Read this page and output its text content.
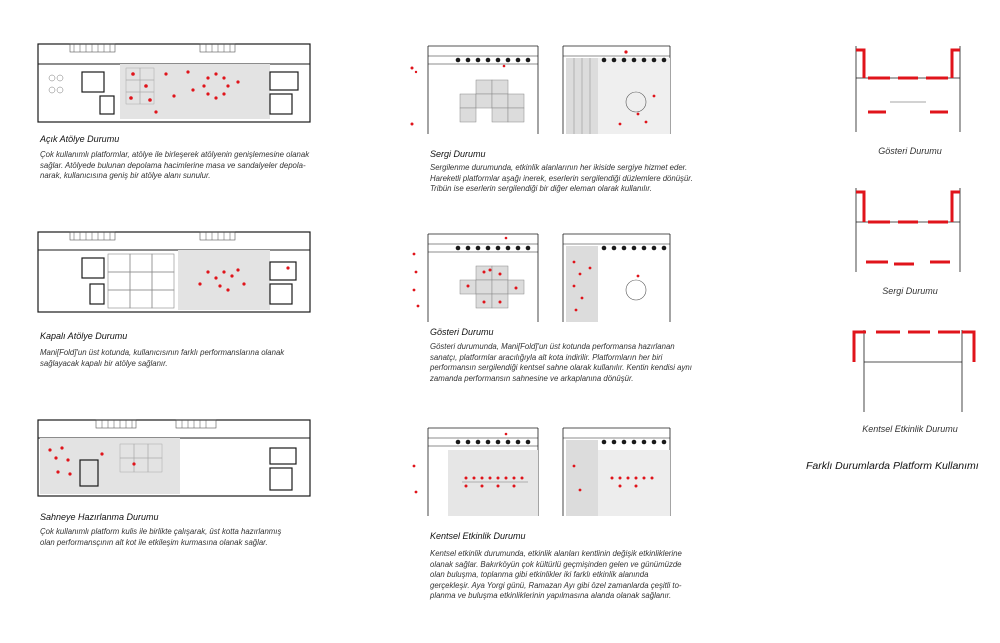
Açık Atölye Durumu
Çok kullanımlı platformlar, atölye ile birleşerek atölyenin genişlemesine olanak
sağlar. Atölyede bulunan depolama hacimlerine masa ve sandalyeler depola-
narak, kullanıcısına geniş bir atölye alanı sunulur.
Kapalı Atölye Durumu
Mani[Fold]'un üst kotunda, kullanıcısının farklı performanslarına olanak
sağlayacak kapalı bir atölye sağlanır.
Sahneye Hazırlanma Durumu
Çok kullanımlı platform kulis ile birlikte çalışarak, üst kotta hazırlanmış
olan performansçının alt kot ile etkileşim kurmasına olanak sağlar.
Sergi Durumu
Sergilenme durumunda, etkinlik alanlarının her ikiside sergiye hizmet eder.
Hareketli platformlar aşağı inerek, eserlerin sergilendiği düzlemlere dönüşür.
Tribün ise eserlerin sergilendiği bir diğer eleman olarak kullanılır.
Gösteri Durumu
Gösteri durumunda, Mani[Fold]'un üst kotunda performansa hazırlanan
sanatçı, platformlar aracılığıyla alt kota indirilir. Platformların her biri
performansın sergilendiği kentsel sahne olarak kullanılır. Kentin kendisi aynı
zamanda performansın sahnesine ve arkaplanına dönüşür.
Kentsel Etkinlik Durumu
Kentsel etkinlik durumunda, etkinlik alanları kentlinin değişik etkinliklerine
olanak sağlar. Bakırköyün çok kültürlü geçmişinden gelen ve günümüzde
olan buluşma, toplanma gibi etkinlikler iki farklı etkinlik alanında
gerçekleşir. Aya Yorgi günü, Ramazan Ayı gibi özel zamanlarda çeşitli to-
planma ve buluşma etkinliklerinin yapılmasına alanda olanak sağlanır.
Gösteri Durumu
Sergi Durumu
Kentsel Etkinlik Durumu
Farklı Durumlarda Platform Kullanımı
